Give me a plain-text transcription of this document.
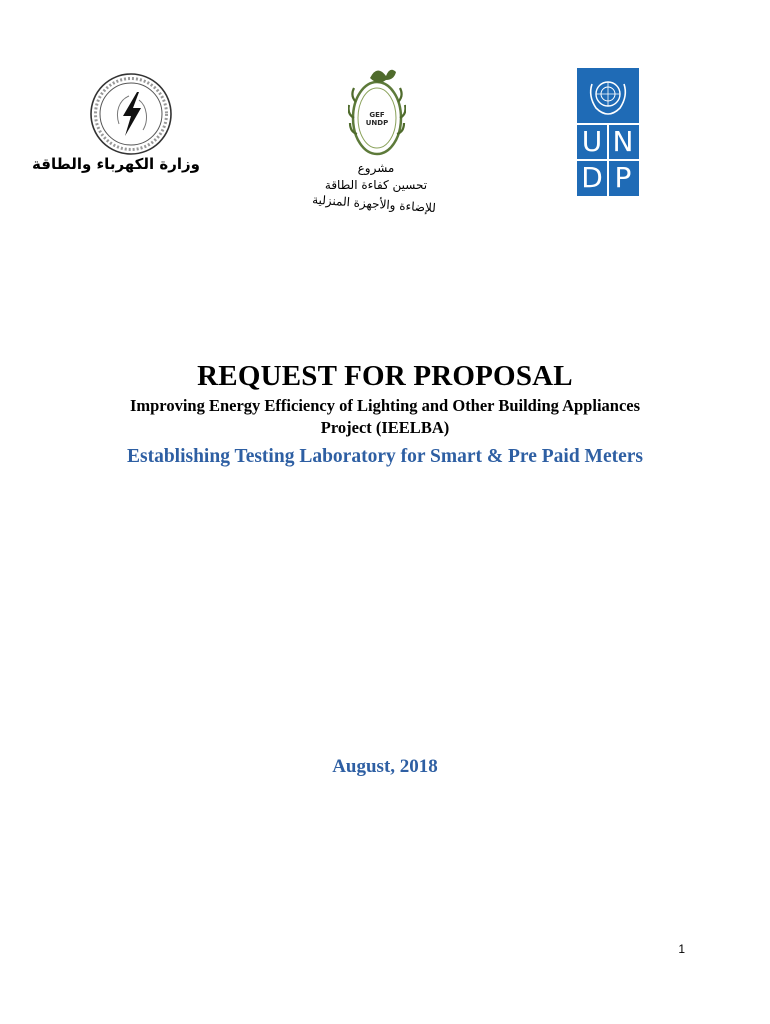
وزارة الكهرباء والطاقة
GEF
UNDP
مشروع
تحسين كفاءة الطاقة
للإضاءة والأجهزة المنزلية
U N
D P
REQUEST FOR PROPOSAL
Improving Energy Efficiency of Lighting and Other Building Appliances
Project (IEELBA)
Establishing Testing Laboratory for Smart & Pre Paid Meters
August, 2018
1
